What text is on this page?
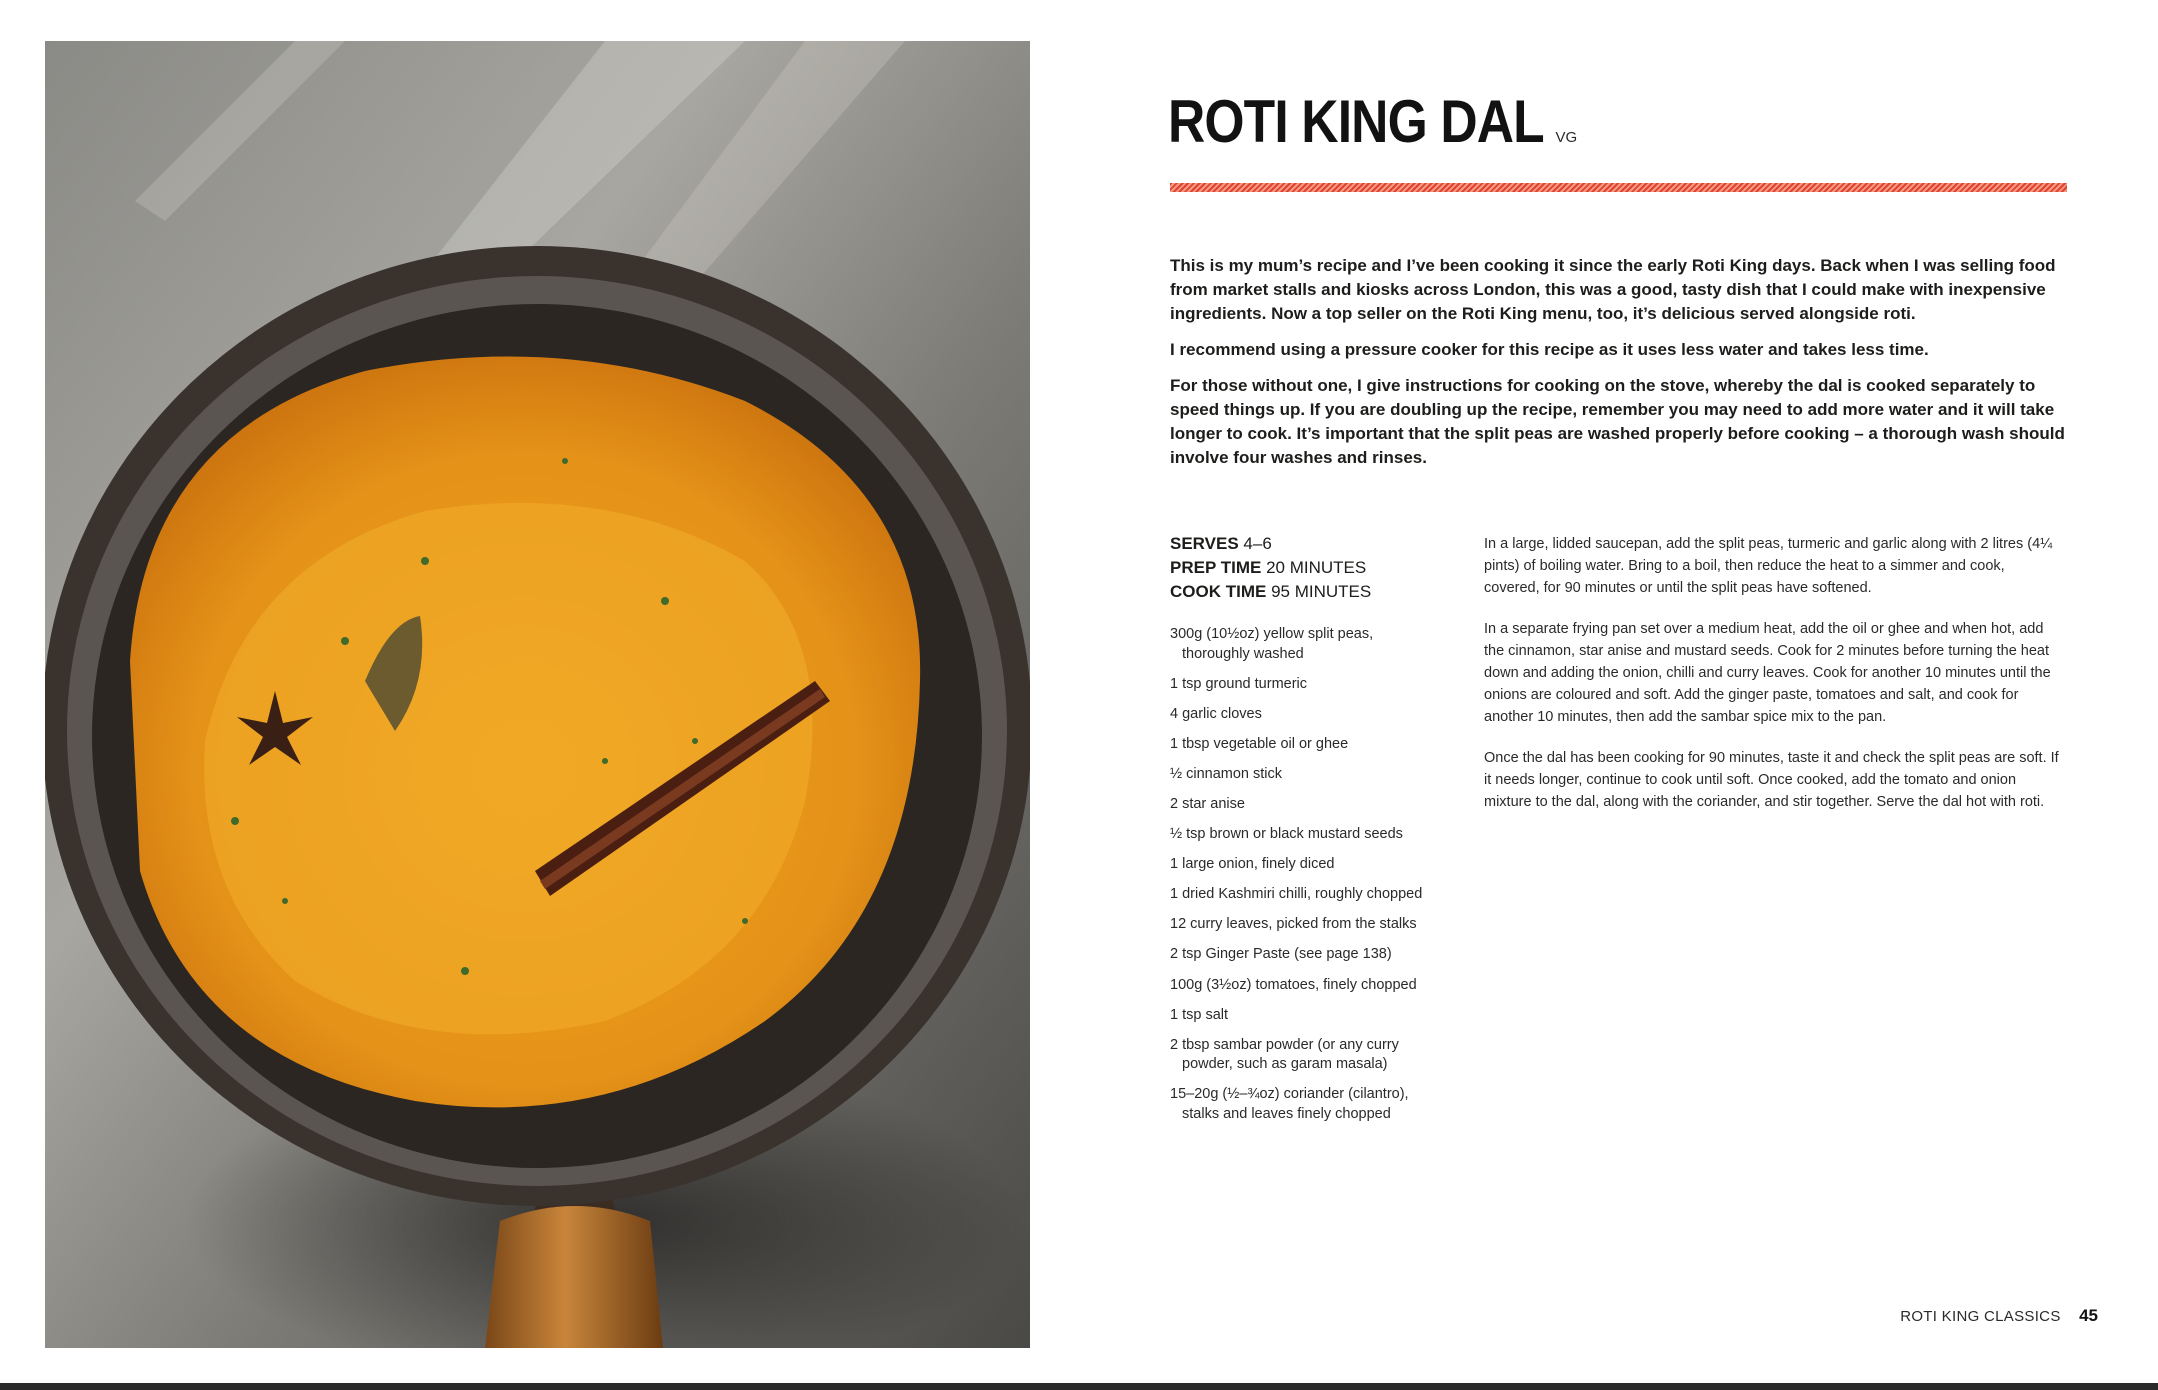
ROTI KING DAL VG

This is my mum’s recipe and I’ve been cooking it since the early Roti King days. Back when I was selling food from market stalls and kiosks across London, this was a good, tasty dish that I could make with inexpensive ingredients. Now a top seller on the Roti King menu, too, it’s delicious served alongside roti.

I recommend using a pressure cooker for this recipe as it uses less water and takes less time.

For those without one, I give instructions for cooking on the stove, whereby the dal is cooked separately to speed things up. If you are doubling up the recipe, remember you may need to add more water and it will take longer to cook. It’s important that the split peas are washed properly before cooking – a thorough wash should involve four washes and rinses.

SERVES 4–6
PREP TIME 20 MINUTES
COOK TIME 95 MINUTES
300g (10½oz) yellow split peas, thoroughly washed
1 tsp ground turmeric
4 garlic cloves
1 tbsp vegetable oil or ghee
½ cinnamon stick
2 star anise
½ tsp brown or black mustard seeds
1 large onion, finely diced
1 dried Kashmiri chilli, roughly chopped
12 curry leaves, picked from the stalks
2 tsp Ginger Paste (see page 138)
100g (3½oz) tomatoes, finely chopped
1 tsp salt
2 tbsp sambar powder (or any curry powder, such as garam masala)
15–20g (½–¾oz) coriander (cilantro), stalks and leaves finely chopped

In a large, lidded saucepan, add the split peas, turmeric and garlic along with 2 litres (4¼ pints) of boiling water. Bring to a boil, then reduce the heat to a simmer and cook, covered, for 90 minutes or until the split peas have softened.

In a separate frying pan set over a medium heat, add the oil or ghee and when hot, add the cinnamon, star anise and mustard seeds. Cook for 2 minutes before turning the heat down and adding the onion, chilli and curry leaves. Cook for another 10 minutes until the onions are coloured and soft. Add the ginger paste, tomatoes and salt, and cook for another 10 minutes, then add the sambar spice mix to the pan.

Once the dal has been cooking for 90 minutes, taste it and check the split peas are soft. If it needs longer, continue to cook until soft. Once cooked, add the tomato and onion mixture to the dal, along with the coriander, and stir together. Serve the dal hot with roti.

ROTI KING CLASSICS 45
